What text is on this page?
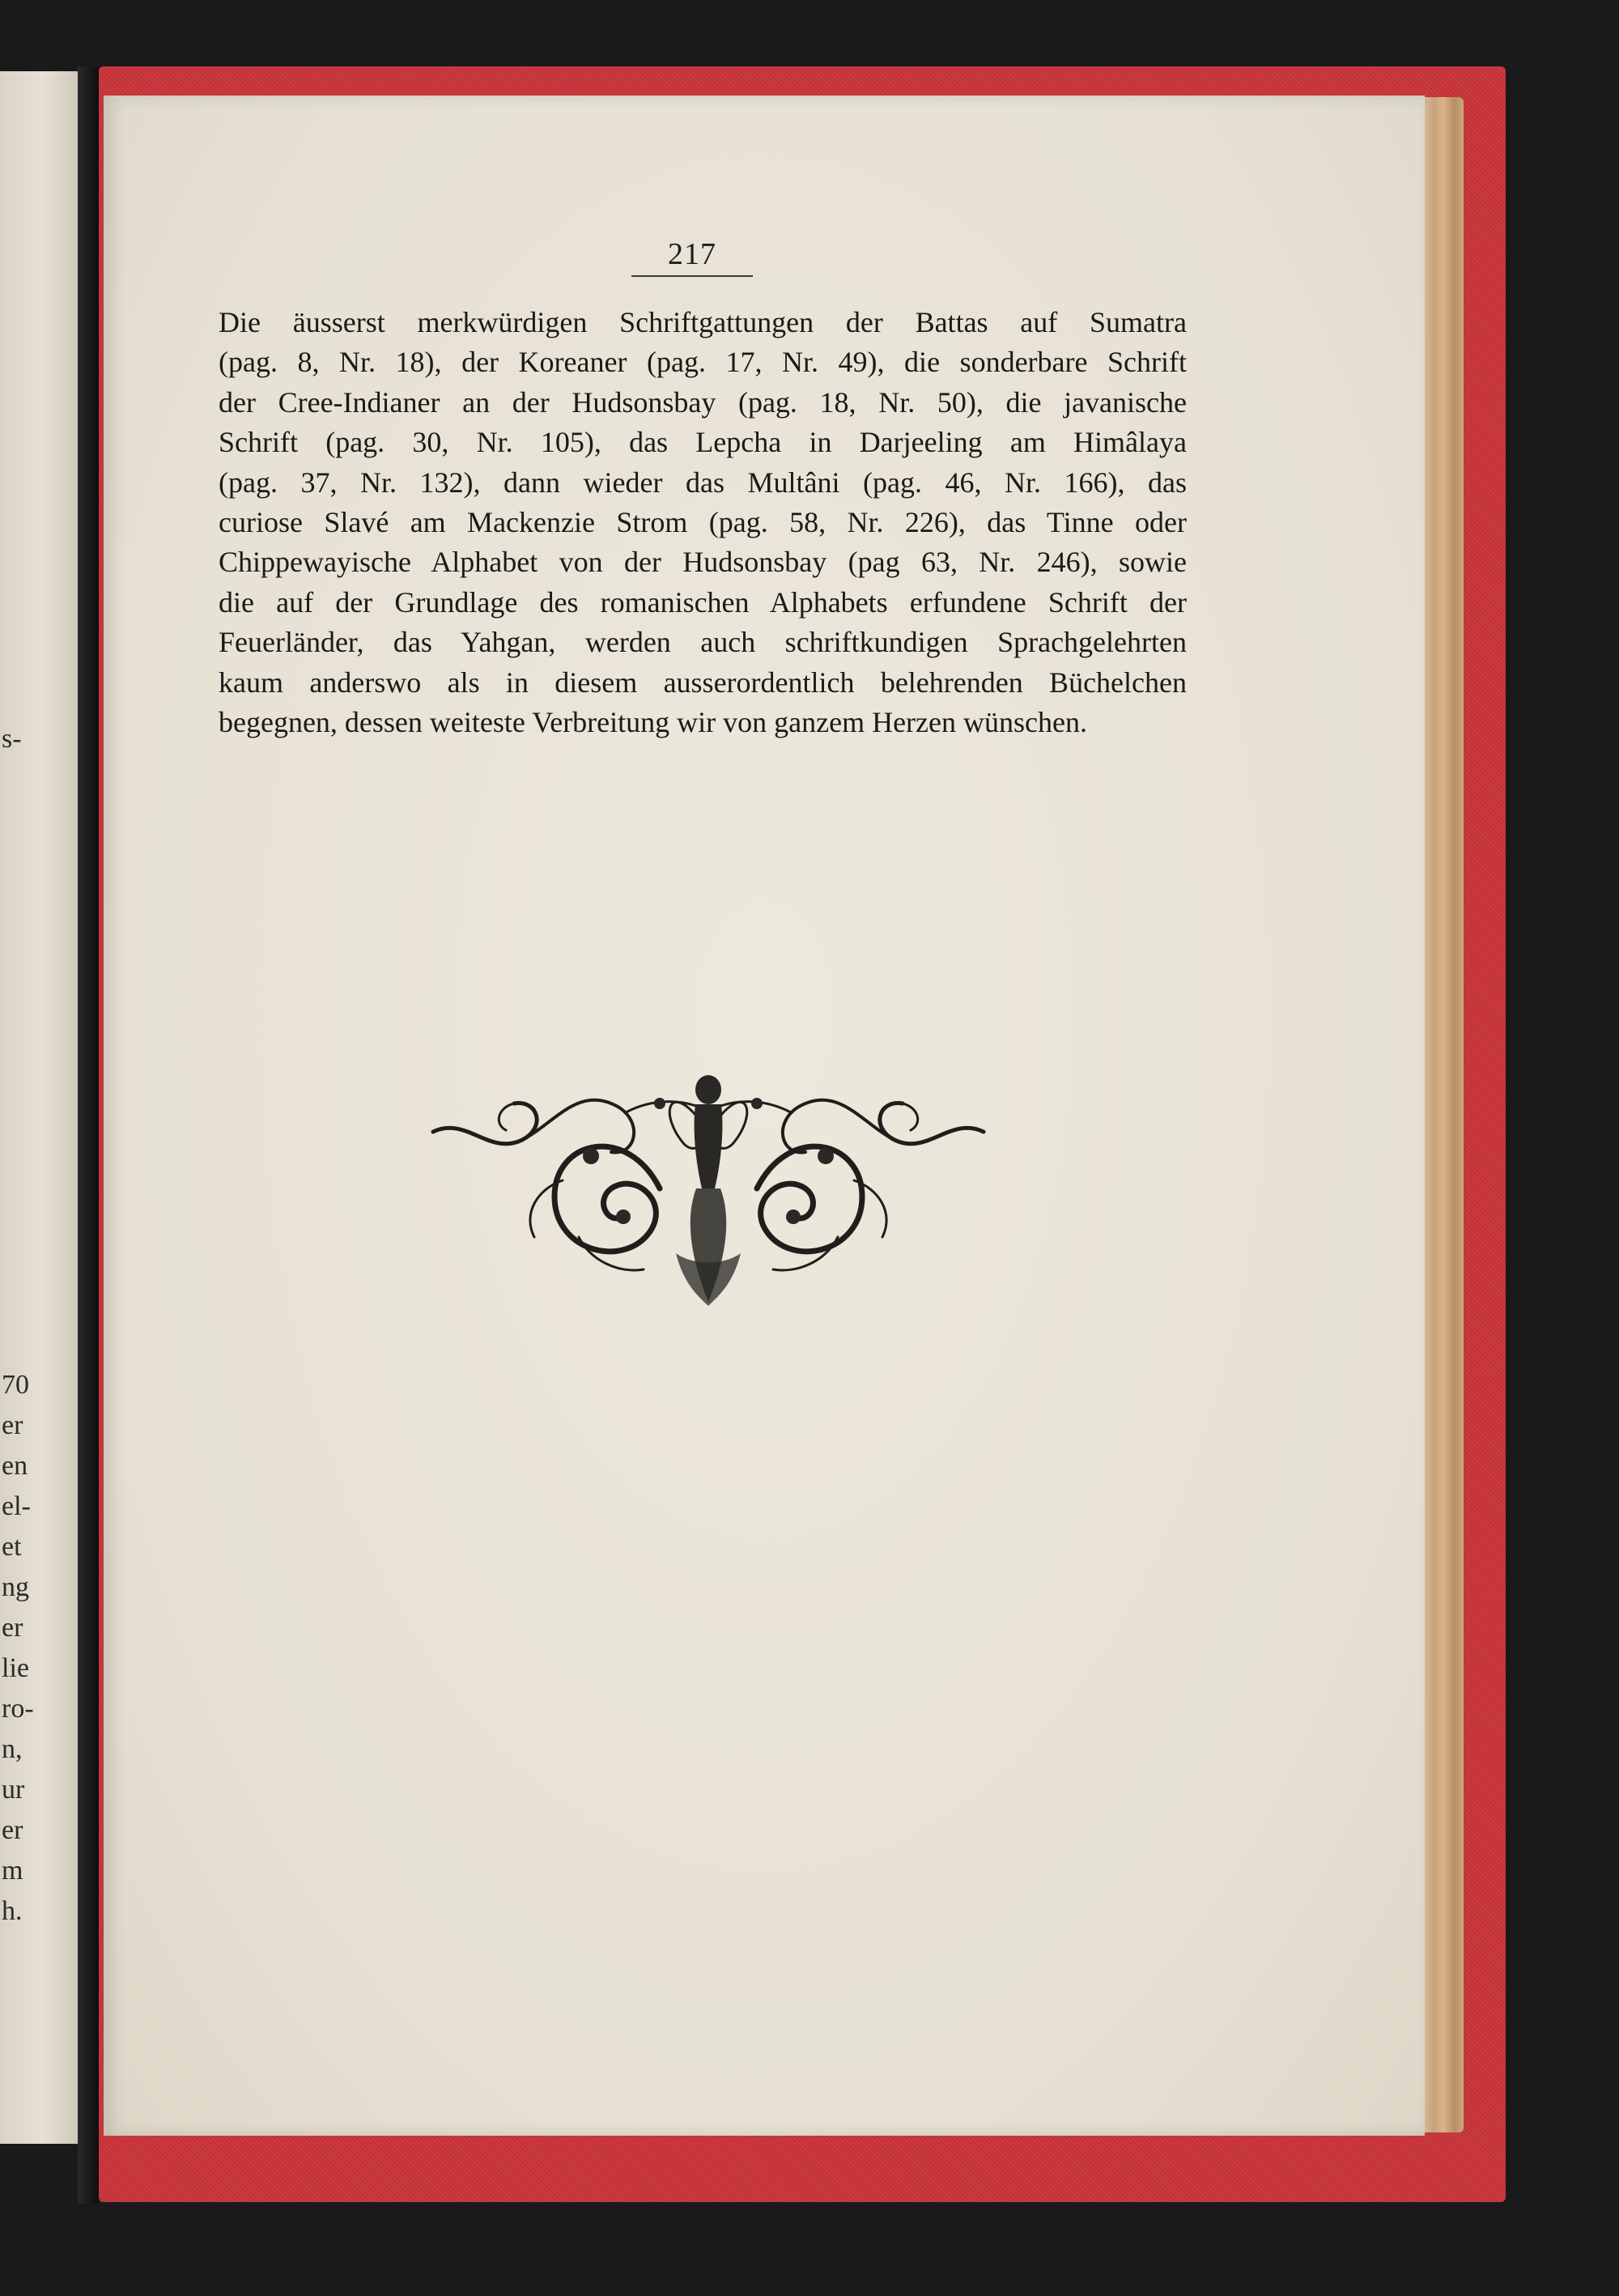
s-
70
er
en
el-
et
ng
er
lie
ro-
n,
ur
er
m
h.
217
Die äusserst merkwürdigen Schriftgattungen der Battas auf Sumatra
(pag. 8, Nr. 18), der Koreaner (pag. 17, Nr. 49), die sonderbare Schrift
der Cree-Indianer an der Hudsonsbay (pag. 18, Nr. 50), die javanische
Schrift (pag. 30, Nr. 105), das Lepcha in Darjeeling am Himâlaya
(pag. 37, Nr. 132), dann wieder das Multâni (pag. 46, Nr. 166), das
curiose Slavé am Mackenzie Strom (pag. 58, Nr. 226), das Tinne oder
Chippewayische Alphabet von der Hudsonsbay (pag 63, Nr. 246), sowie
die auf der Grundlage des romanischen Alphabets erfundene Schrift der
Feuerländer, das Yahgan, werden auch schriftkundigen Sprachgelehrten
kaum anderswo als in diesem ausserordentlich belehrenden Büchelchen
begegnen, dessen weiteste Verbreitung wir von ganzem Herzen wünschen.
